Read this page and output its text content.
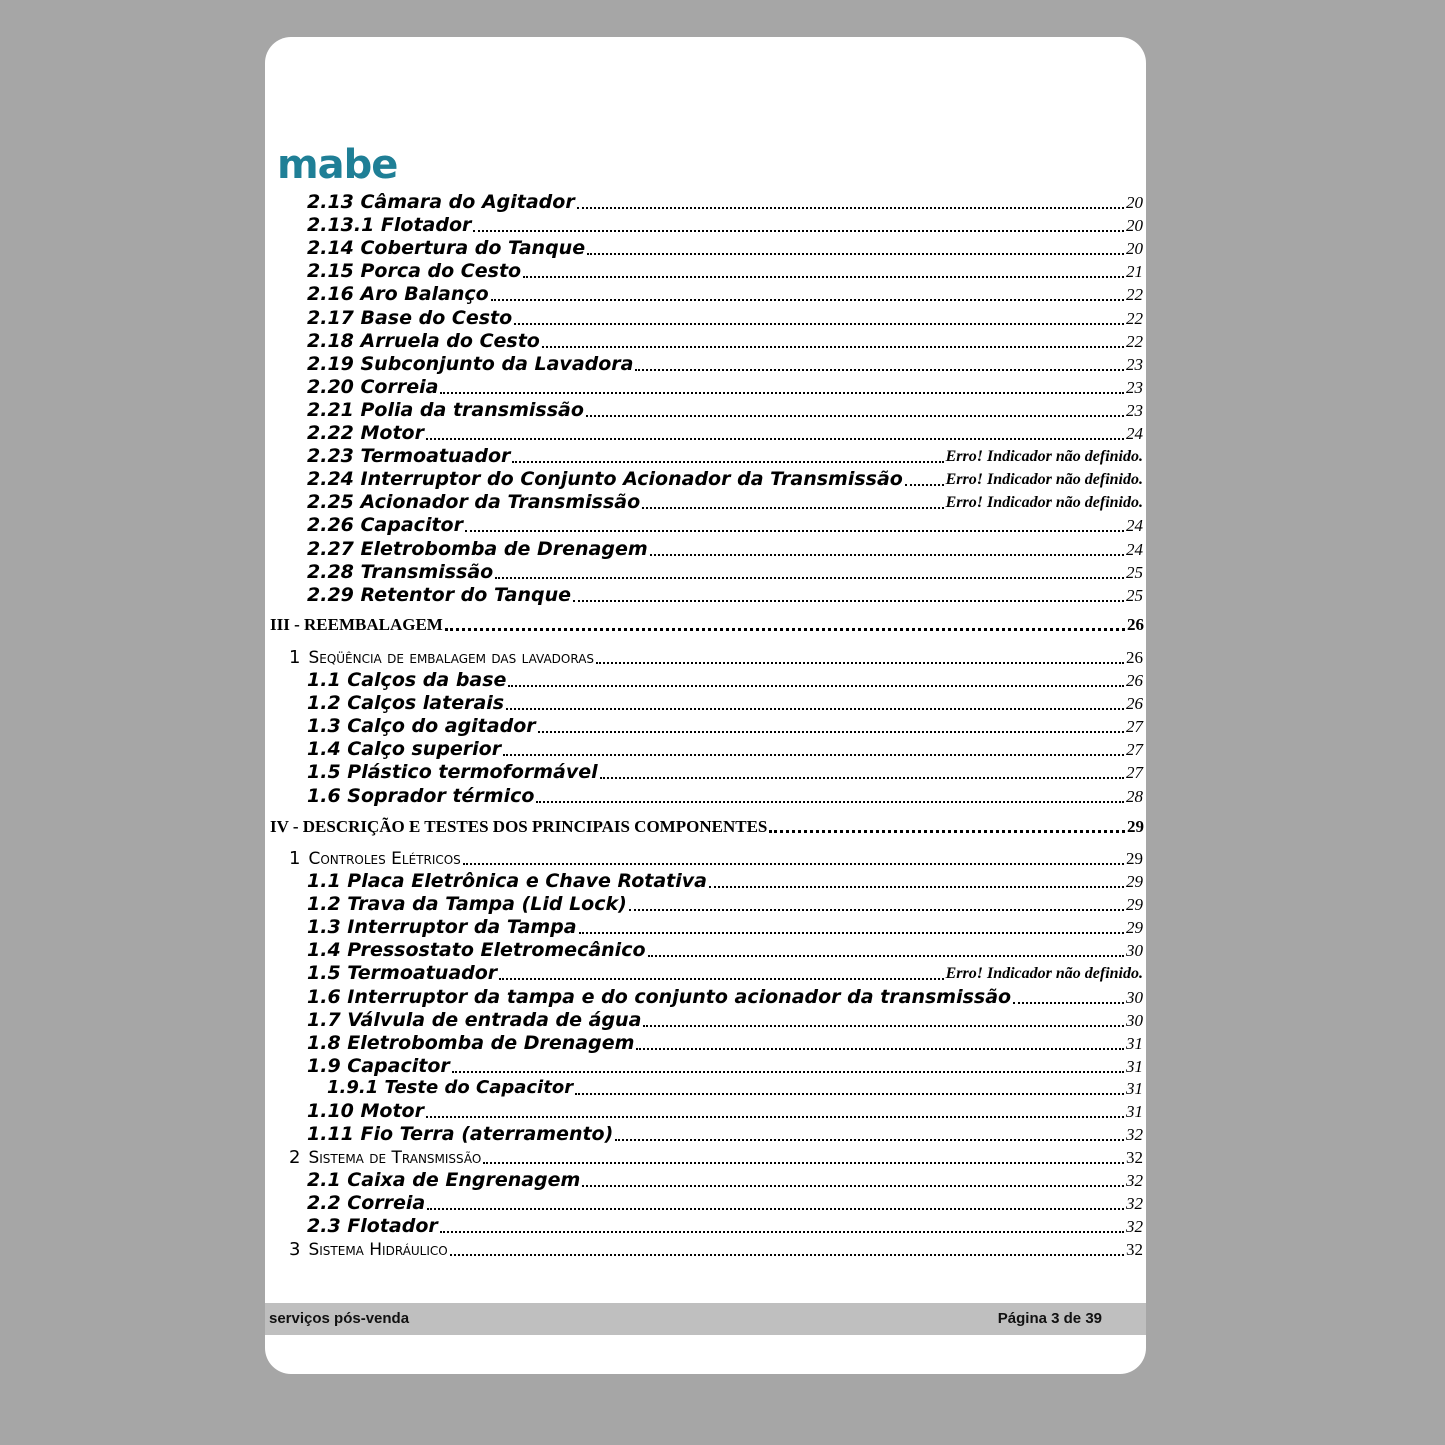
mabe
2.13 Câmara do Agitador	20
2.13.1 Flotador	20
2.14 Cobertura do Tanque	20
2.15 Porca do Cesto	21
2.16 Aro Balanço	22
2.17 Base do Cesto	22
2.18 Arruela do Cesto	22
2.19 Subconjunto da Lavadora	23
2.20 Correia	23
2.21 Polia da transmissão	23
2.22 Motor	24
2.23 Termoatuador	Erro! Indicador não definido.
2.24 Interruptor do Conjunto Acionador da Transmissão	Erro! Indicador não definido.
2.25 Acionador da Transmissão	Erro! Indicador não definido.
2.26 Capacitor	24
2.27 Eletrobomba de Drenagem	24
2.28 Transmissão	25
2.29 Retentor do Tanque	25
III - REEMBALAGEM	26
1 Seqüência de embalagem das lavadoras	26
1.1 Calços da base	26
1.2 Calços laterais	26
1.3 Calço do agitador	27
1.4 Calço superior	27
1.5 Plástico termoformável	27
1.6 Soprador térmico	28
IV - DESCRIÇÃO E TESTES DOS PRINCIPAIS COMPONENTES	29
1 Controles Elétricos	29
1.1 Placa Eletrônica e Chave Rotativa	29
1.2 Trava da Tampa (Lid Lock)	29
1.3 Interruptor da Tampa	29
1.4 Pressostato Eletromecânico	30
1.5 Termoatuador	Erro! Indicador não definido.
1.6 Interruptor da tampa e do conjunto acionador da transmissão	30
1.7 Válvula de entrada de água	30
1.8 Eletrobomba de Drenagem	31
1.9 Capacitor	31
1.9.1 Teste do Capacitor	31
1.10 Motor	31
1.11 Fio Terra (aterramento)	32
2 Sistema de Transmissão	32
2.1 Caixa de Engrenagem	32
2.2 Correia	32
2.3 Flotador	32
3 Sistema Hidráulico	32
serviços pós-venda	Página 3 de 39
